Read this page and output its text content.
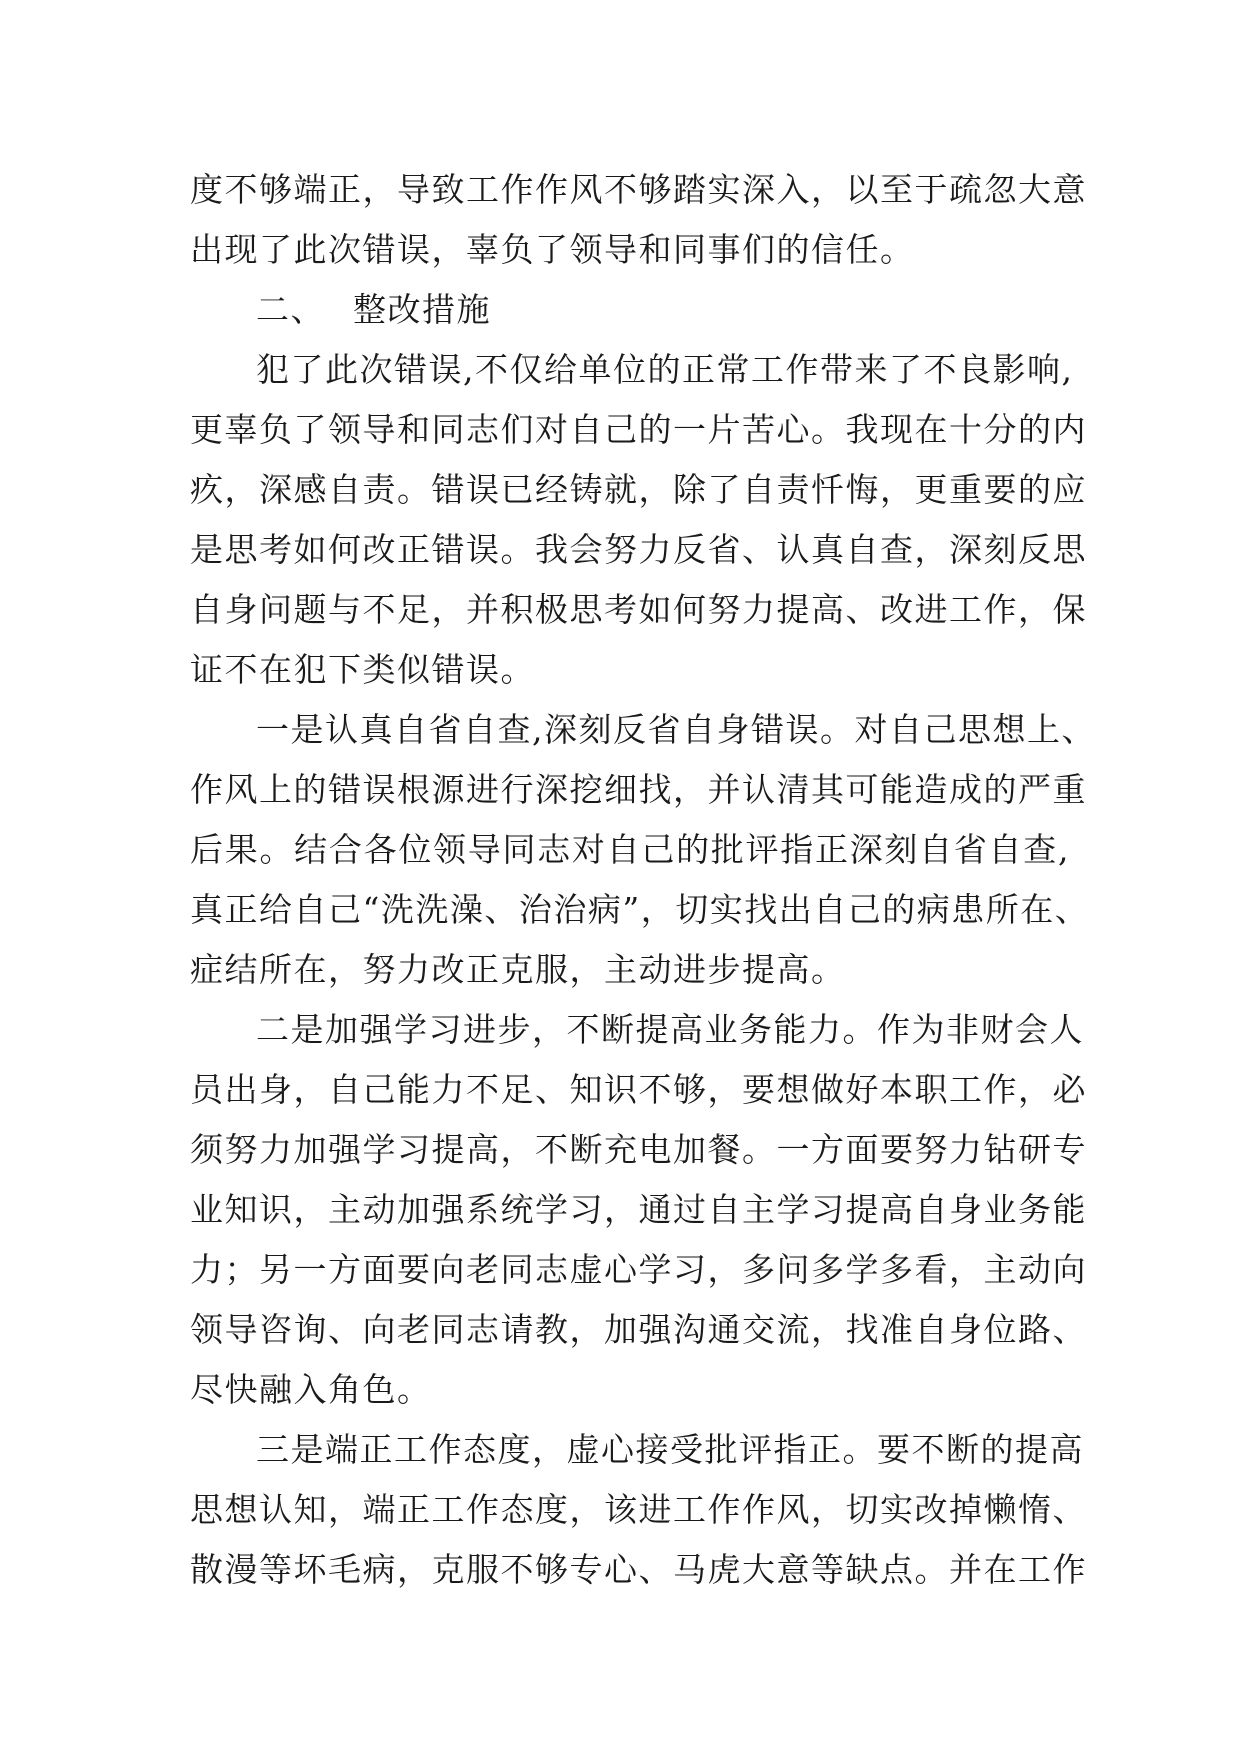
度不够端正，导致工作作风不够踏实深入，以至于疏忽大意
出现了此次错误，辜负了领导和同事们的信任。
二、 整改措施
犯了此次错误,不仅给单位的正常工作带来了不良影响,
更辜负了领导和同志们对自己的一片苦心。我现在十分的内
疚，深感自责。错误已经铸就，除了自责忏悔，更重要的应
是思考如何改正错误。我会努力反省、认真自查，深刻反思
自身问题与不足，并积极思考如何努力提高、改进工作，保
证不在犯下类似错误。
一是认真自省自查,深刻反省自身错误。对自己思想上、
作风上的错误根源进行深挖细找，并认清其可能造成的严重
后果。结合各位领导同志对自己的批评指正深刻自省自查,
真正给自己“洗洗澡、治治病”，切实找出自己的病患所在、
症结所在，努力改正克服，主动进步提高。
二是加强学习进步，不断提高业务能力。作为非财会人
员出身，自己能力不足、知识不够，要想做好本职工作，必
须努力加强学习提高，不断充电加餐。一方面要努力钻研专
业知识，主动加强系统学习，通过自主学习提高自身业务能
力；另一方面要向老同志虚心学习，多问多学多看，主动向
领导咨询、向老同志请教，加强沟通交流，找准自身位路、
尽快融入角色。
三是端正工作态度，虚心接受批评指正。要不断的提高
思想认知，端正工作态度，该进工作作风，切实改掉懒惰、
散漫等坏毛病，克服不够专心、马虎大意等缺点。并在工作
